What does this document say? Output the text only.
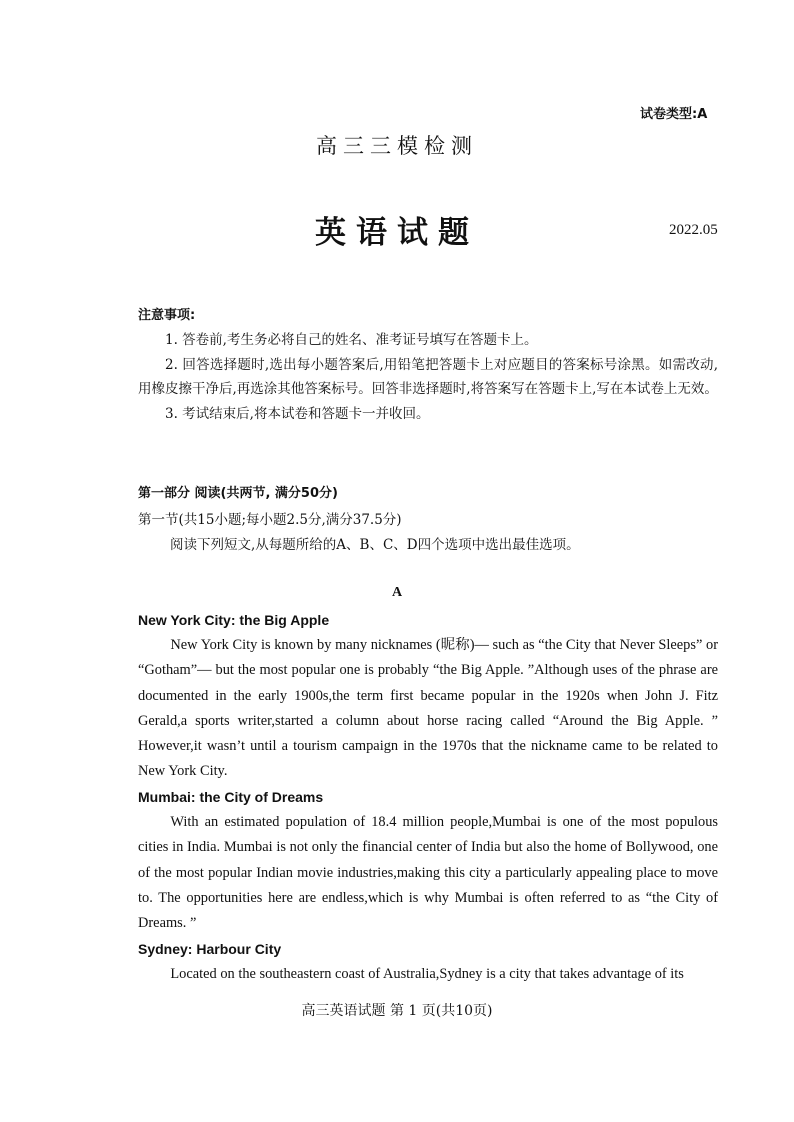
试卷类型:A
高三三模检测
英语试题	2022.05
注意事项:

1. 答卷前,考生务必将自己的姓名、准考证号填写在答题卡上。

2. 回答选择题时,选出每小题答案后,用铅笔把答题卡上对应题目的答案标号涂黑。如需改动,用橡皮擦干净后,再选涂其他答案标号。回答非选择题时,将答案写在答题卡上,写在本试卷上无效。

3. 考试结束后,将本试卷和答题卡一并收回。

第一部分 阅读(共两节, 满分50分)
第一节(共15小题;每小题2.5分,满分37.5分)
阅读下列短文,从每题所给的A、B、C、D四个选项中选出最佳选项。
A
New York City: the Big Apple

New York City is known by many nicknames (昵称)— such as “the City that Never Sleeps” or “Gotham”— but the most popular one is probably “the Big Apple. ”Although uses of the phrase are documented in the early 1900s,the term first became popular in the 1920s when John J. Fitz Gerald,a sports writer,started a column about horse racing called “Around the Big Apple. ” However,it wasn’t until a tourism campaign in the 1970s that the nickname came to be related to New York City.

Mumbai: the City of Dreams

With an estimated population of 18.4 million people,Mumbai is one of the most populous cities in India. Mumbai is not only the financial center of India but also the home of Bollywood, one of the most popular Indian movie industries,making this city a particularly appealing place to move to. The opportunities here are endless,which is why Mumbai is often referred to as “the City of Dreams. ”

Sydney: Harbour City

Located on the southeastern coast of Australia,Sydney is a city that takes advantage of its

高三英语试题 第 1 页(共10页)
